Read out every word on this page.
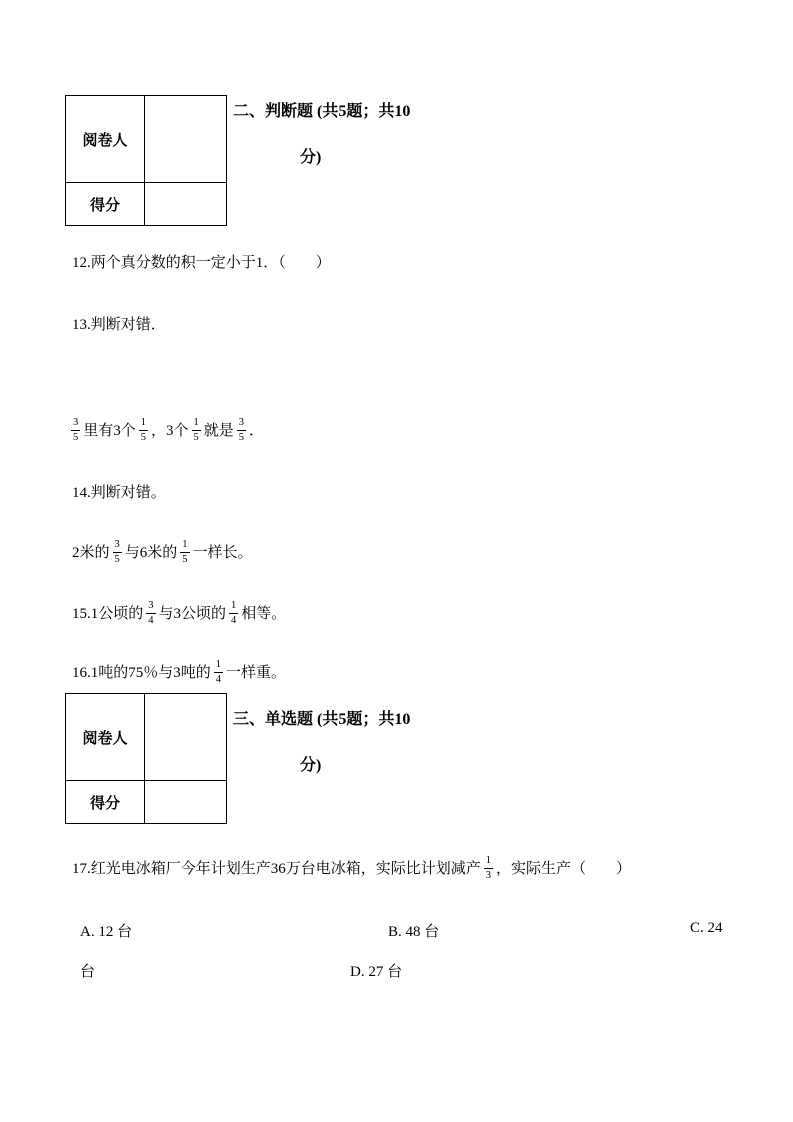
阅卷人	
得分	
二、判断题 (共5题；共10
分)
12.两个真分数的积一定小于1．（　　）
13.判断对错．
$\frac{3}{5}$ 里有3个 $\frac{1}{5}$ ，3个 $\frac{1}{5}$ 就是 $\frac{3}{5}$ ．
14.判断对错。
2米的 $\frac{3}{5}$ 与6米的 $\frac{1}{5}$ 一样长。
15.1公顷的 $\frac{3}{4}$ 与3公顷的 $\frac{1}{4}$ 相等。
16.1吨的75％与3吨的 $\frac{1}{4}$ 一样重。
阅卷人	
得分	
三、单选题 (共5题；共10
分)
17.红光电冰箱厂今年计划生产36万台电冰箱，实际比计划减产 $\frac{1}{3}$ ，实际生产（　　）
A. 12 台	B. 48 台	C. 24
台	D. 27 台
